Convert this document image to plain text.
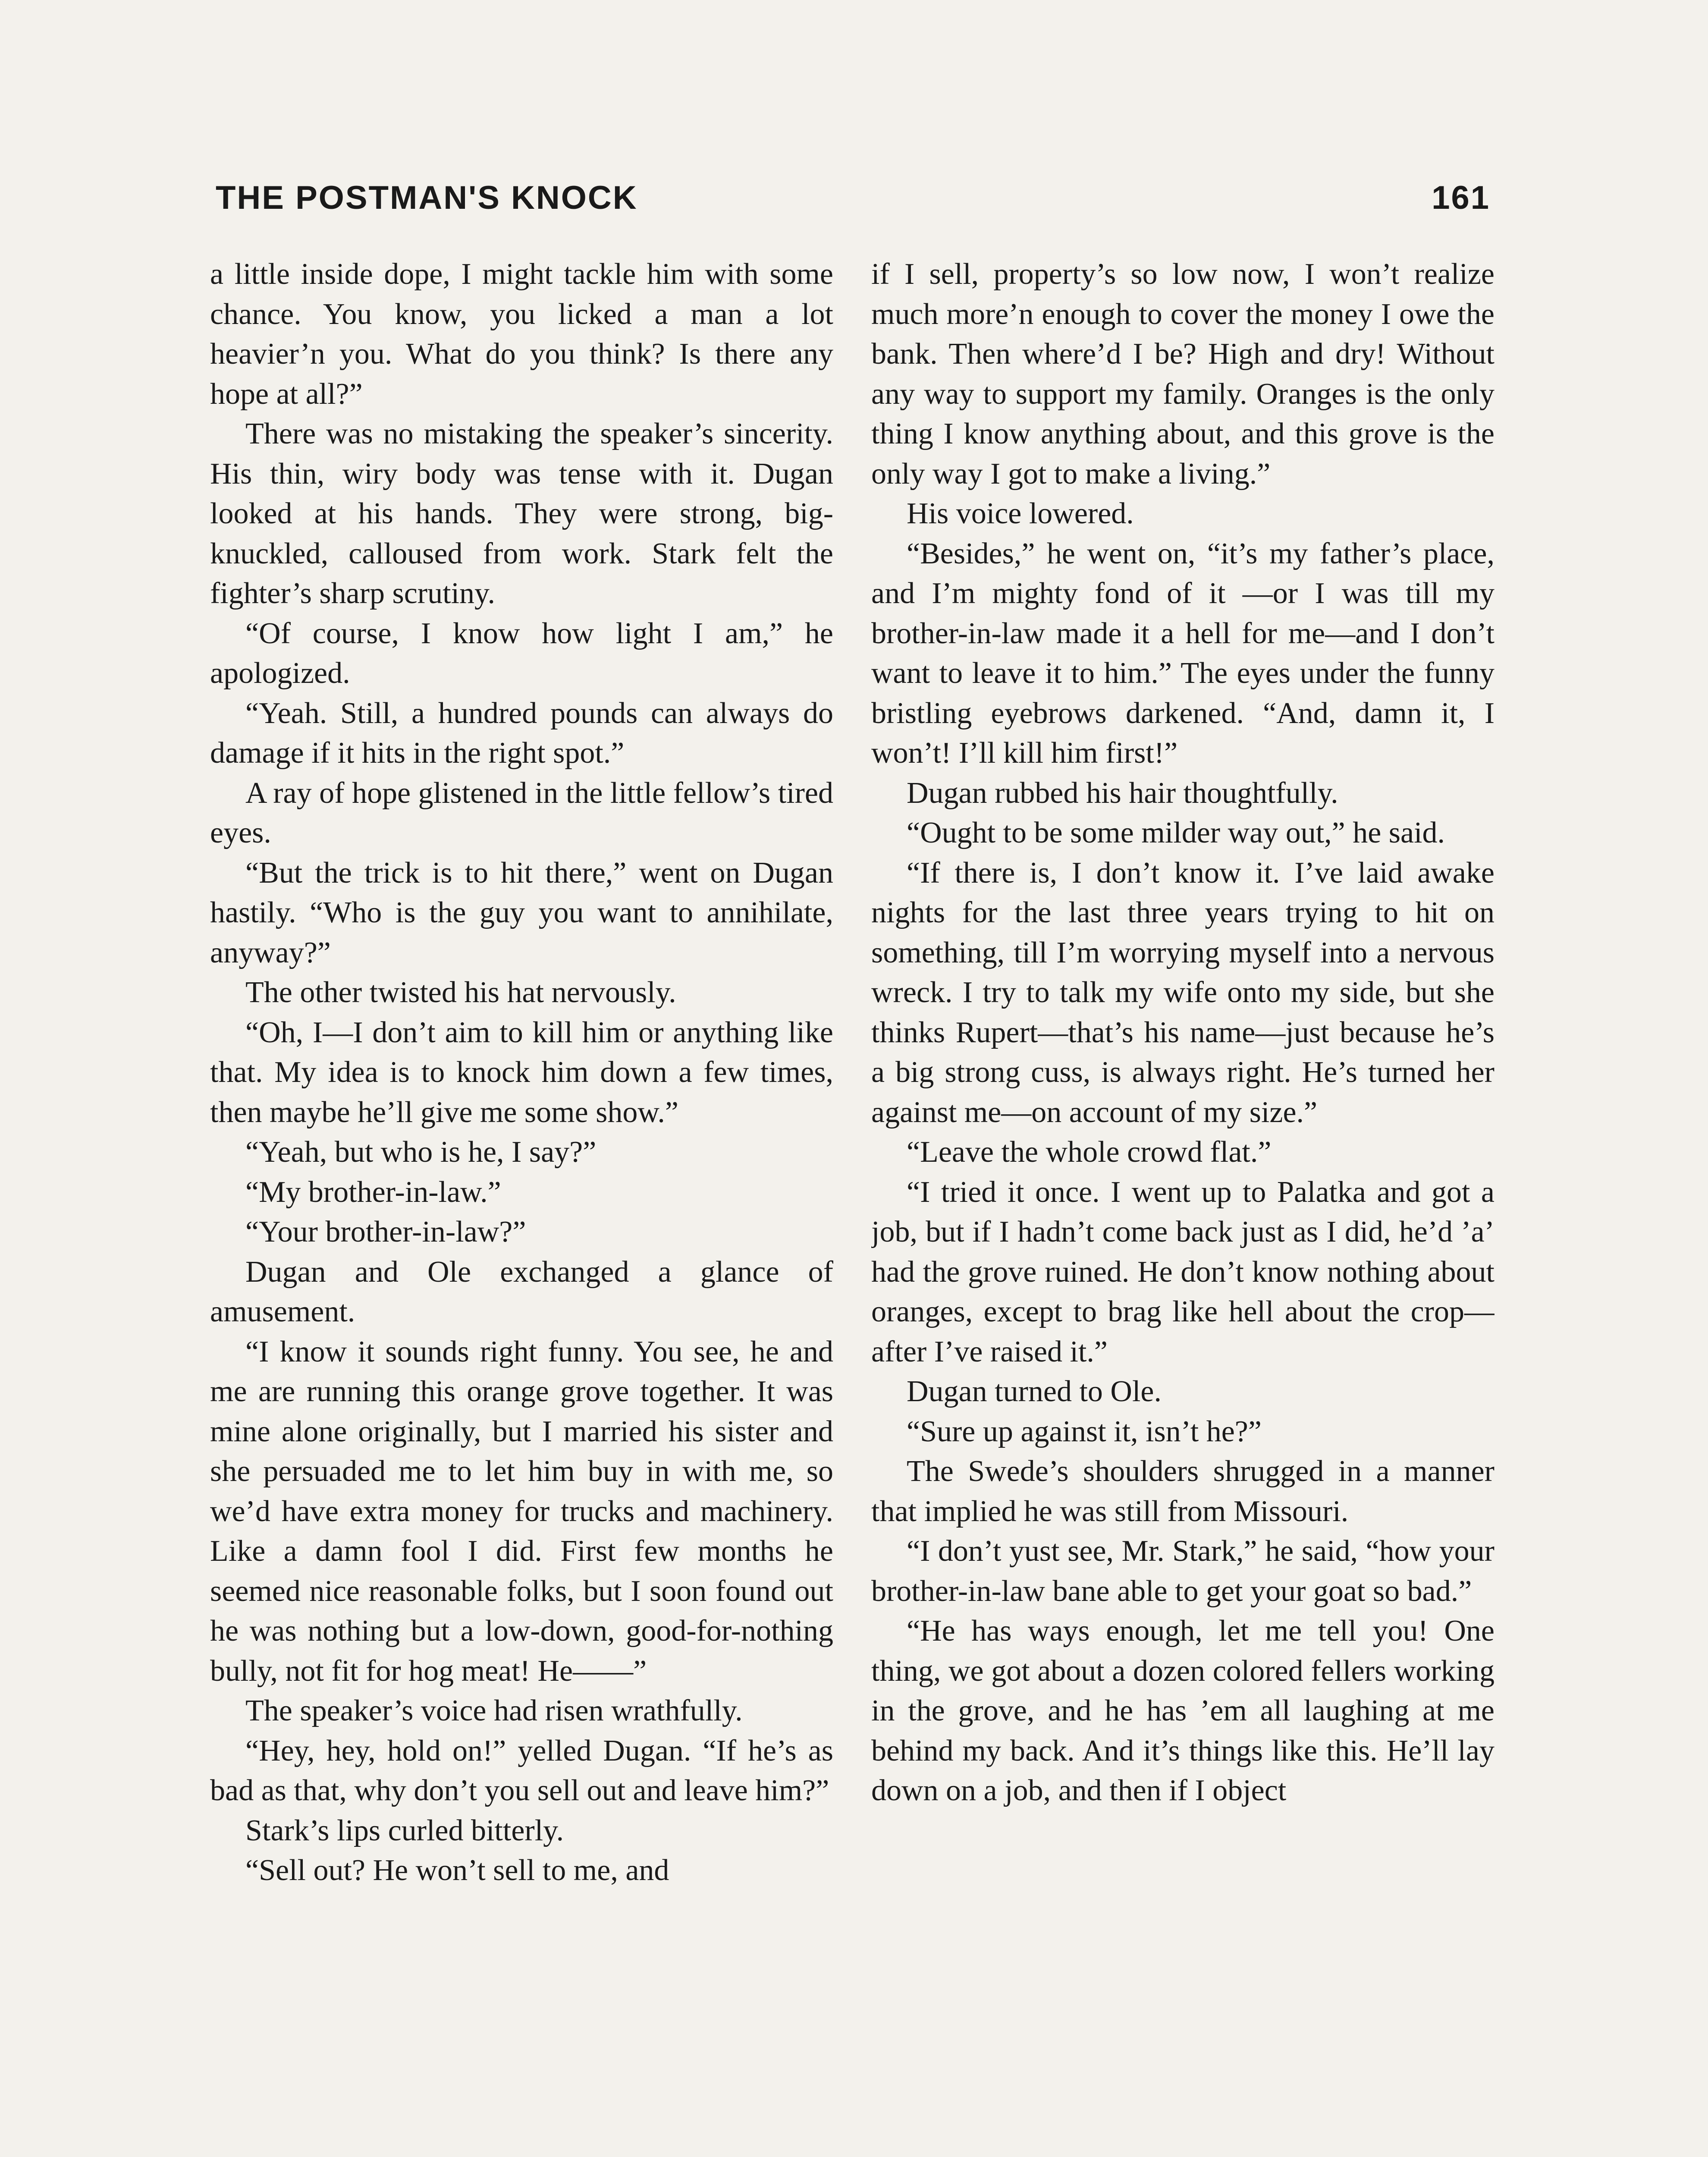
THE POSTMAN'S KNOCK	161

a little inside dope, I might tackle him with some chance. You know, you licked a man a lot heavier’n you. What do you think? Is there any hope at all?”

There was no mistaking the speaker’s sincerity. His thin, wiry body was tense with it. Dugan looked at his hands. They were strong, big-knuckled, calloused from work. Stark felt the fighter’s sharp scrutiny.

“Of course, I know how light I am,” he apologized.

“Yeah. Still, a hundred pounds can always do damage if it hits in the right spot.”

A ray of hope glistened in the little fellow’s tired eyes.

“But the trick is to hit there,” went on Dugan hastily. “Who is the guy you want to annihilate, anyway?”

The other twisted his hat nervously.

“Oh, I—I don’t aim to kill him or anything like that. My idea is to knock him down a few times, then maybe he’ll give me some show.”

“Yeah, but who is he, I say?”

“My brother-in-law.”

“Your brother-in-law?”

Dugan and Ole exchanged a glance of amusement.

“I know it sounds right funny. You see, he and me are running this orange grove together. It was mine alone originally, but I married his sister and she persuaded me to let him buy in with me, so we’d have extra money for trucks and machinery. Like a damn fool I did. First few months he seemed nice reasonable folks, but I soon found out he was nothing but a low-down, good-for-nothing bully, not fit for hog meat! He——”

The speaker’s voice had risen wrathfully.

“Hey, hey, hold on!” yelled Dugan. “If he’s as bad as that, why don’t you sell out and leave him?”

Stark’s lips curled bitterly.

“Sell out? He won’t sell to me, and

if I sell, property’s so low now, I won’t realize much more’n enough to cover the money I owe the bank. Then where’d I be? High and dry! Without any way to support my family. Oranges is the only thing I know anything about, and this grove is the only way I got to make a living.”

His voice lowered.

“Besides,” he went on, “it’s my father’s place, and I’m mighty fond of it —or I was till my brother-in-law made it a hell for me—and I don’t want to leave it to him.” The eyes under the funny bristling eyebrows darkened. “And, damn it, I won’t! I’ll kill him first!”

Dugan rubbed his hair thoughtfully.

“Ought to be some milder way out,” he said.

“If there is, I don’t know it. I’ve laid awake nights for the last three years trying to hit on something, till I’m worrying myself into a nervous wreck. I try to talk my wife onto my side, but she thinks Rupert—that’s his name—just because he’s a big strong cuss, is always right. He’s turned her against me—on account of my size.”

“Leave the whole crowd flat.”

“I tried it once. I went up to Palatka and got a job, but if I hadn’t come back just as I did, he’d ’a’ had the grove ruined. He don’t know nothing about oranges, except to brag like hell about the crop—after I’ve raised it.”

Dugan turned to Ole.

“Sure up against it, isn’t he?”

The Swede’s shoulders shrugged in a manner that implied he was still from Missouri.

“I don’t yust see, Mr. Stark,” he said, “how your brother-in-law bane able to get your goat so bad.”

“He has ways enough, let me tell you! One thing, we got about a dozen colored fellers working in the grove, and he has ’em all laughing at me behind my back. And it’s things like this. He’ll lay down on a job, and then if I object
